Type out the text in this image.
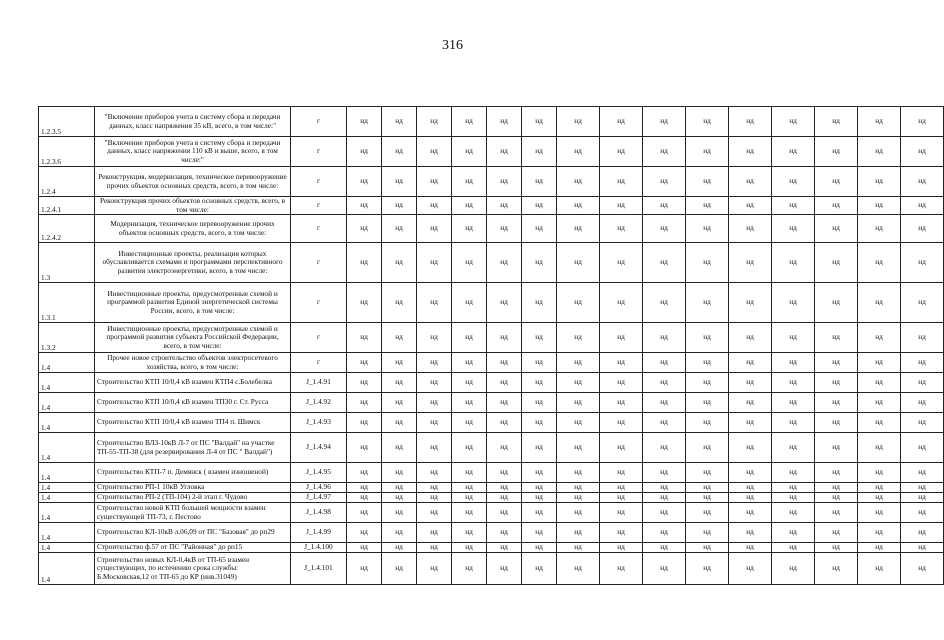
316
1.2.3.5	"Включение приборов учета в систему сбора и передачи данных, класс напряжения 35 кВ, всего, в том числе:"	г	нд	нд	нд	нд	нд	нд	нд	нд	нд	нд	нд	нд	нд	нд	нд
1.2.3.6	"Включение приборов учета в систему сбора и передачи данных, класс напряжения 110 кВ и выше, всего, в том числе:"	г	нд	нд	нд	нд	нд	нд	нд	нд	нд	нд	нд	нд	нд	нд	нд
1.2.4	Реконструкция, модернизация, техническое перевооружение прочих объектов основных средств, всего, в том числе:	г	нд	нд	нд	нд	нд	нд	нд	нд	нд	нд	нд	нд	нд	нд	нд
1.2.4.1	Реконструкция прочих объектов основных средств, всего, в том числе:	г	нд	нд	нд	нд	нд	нд	нд	нд	нд	нд	нд	нд	нд	нд	нд
1.2.4.2	Модернизация, техническое перевооружение прочих объектов основных средств, всего, в том числе:	г	нд	нд	нд	нд	нд	нд	нд	нд	нд	нд	нд	нд	нд	нд	нд
1.3	Инвестиционные проекты, реализация которых обуславливается схемами и программами перспективного развития электроэнергетики, всего, в том числе:	г	нд	нд	нд	нд	нд	нд	нд	нд	нд	нд	нд	нд	нд	нд	нд
1.3.1	Инвестиционные проекты, предусмотренные схемой и программой развития Единой энергетической системы России, всего, в том числе:	г	нд	нд	нд	нд	нд	нд	нд	нд	нд	нд	нд	нд	нд	нд	нд
1.3.2	Инвестиционные проекты, предусмотренные схемой и программой развития субъекта Российской Федерации, всего, в том числе:	г	нд	нд	нд	нд	нд	нд	нд	нд	нд	нд	нд	нд	нд	нд	нд
1.4	Прочее новое строительство объектов электросетевого хозяйства, всего, в том числе:	г	нд	нд	нд	нд	нд	нд	нд	нд	нд	нд	нд	нд	нд	нд	нд
1.4	Строительство КТП 10/0,4 кВ взамен КТП4 с.Болебелка	J_1.4.91	нд	нд	нд	нд	нд	нд	нд	нд	нд	нд	нд	нд	нд	нд	нд
1.4	Строительство КТП 10/0,4 кВ взамен ТП30 г. Ст. Русса	J_1.4.92	нд	нд	нд	нд	нд	нд	нд	нд	нд	нд	нд	нд	нд	нд	нд
1.4	Строительство КТП 10/0,4 кВ взамен ТП4 п. Шимск	J_1.4.93	нд	нд	нд	нд	нд	нд	нд	нд	нд	нд	нд	нд	нд	нд	нд
1.4	Строительство ВЛЗ-10кВ Л-7 от ПС "Валдай" на участке ТП-55-ТП-38 (для резервирования Л-4 от ПС " Валдай")	J_1.4.94	нд	нд	нд	нд	нд	нд	нд	нд	нд	нд	нд	нд	нд	нд	нд
1.4	Строительство КТП-7 п. Демянск ( взамен изношеной)	J_1.4.95	нд	нд	нд	нд	нд	нд	нд	нд	нд	нд	нд	нд	нд	нд	нд
1.4	Строительство РП-1 10кВ Угловка	J_1.4.96	нд	нд	нд	нд	нд	нд	нд	нд	нд	нд	нд	нд	нд	нд	нд
1.4	Строительство РП-2 (ТП-104) 2-й этап г. Чудово	J_1.4.97	нд	нд	нд	нд	нд	нд	нд	нд	нд	нд	нд	нд	нд	нд	нд
1.4	Строительство новой КТП большей мощности взамен существующей ТП-73, г. Пестово	J_1.4.98	нд	нд	нд	нд	нд	нд	нд	нд	нд	нд	нд	нд	нд	нд	нд
1.4	Строительство КЛ-10кВ л.06,09 от ПС "Базовая" до рп29	J_1.4.99	нд	нд	нд	нд	нд	нд	нд	нд	нд	нд	нд	нд	нд	нд	нд
1.4	Строительство ф.57 от ПС "Районная" до рп15	J_1.4.100	нд	нд	нд	нд	нд	нд	нд	нд	нд	нд	нд	нд	нд	нд	нд
1.4	Строительство новых КЛ-0,4кВ от ТП-65 взамен существующих, по истечению срока службы: Б.Московская,12 от ТП-65 до КР (инв.31049)	J_1.4.101	нд	нд	нд	нд	нд	нд	нд	нд	нд	нд	нд	нд	нд	нд	нд
